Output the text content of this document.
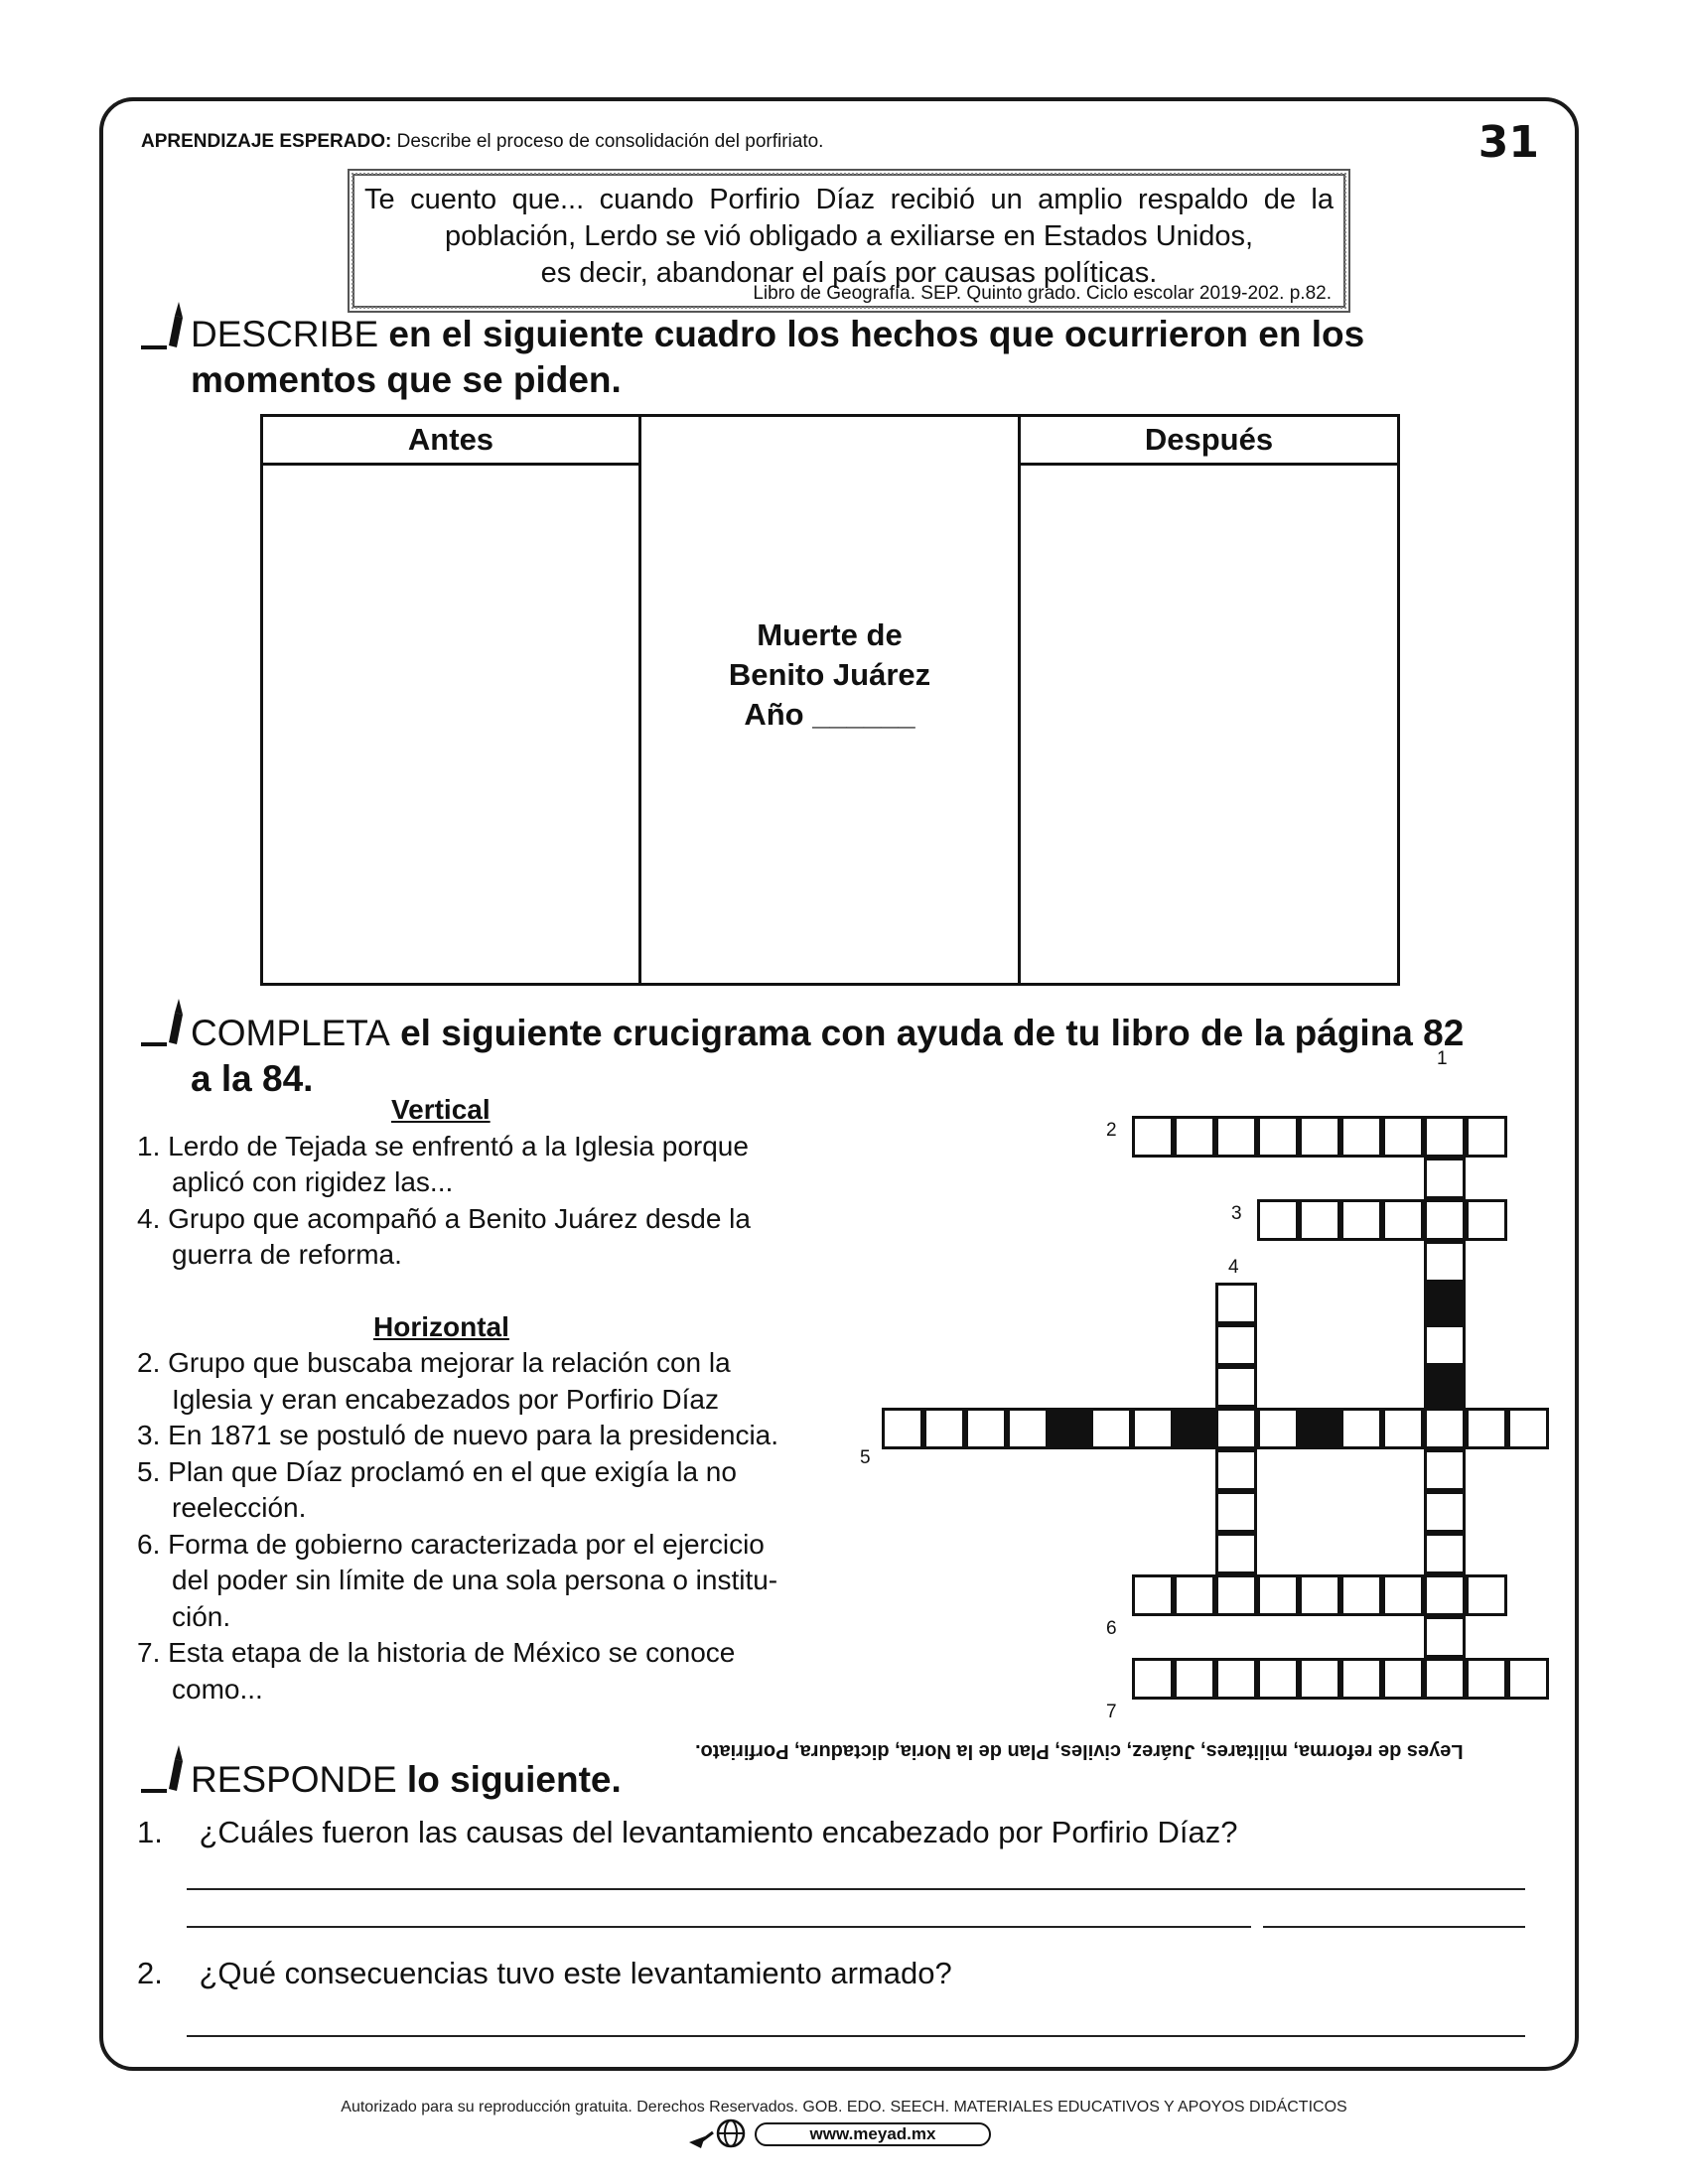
APRENDIZAJE ESPERADO: Describe el proceso de consolidación del porfiriato.	31
Te cuento que... cuando Porfirio Díaz recibió un amplio respaldo de la
población, Lerdo se vió obligado a exiliarse en Estados Unidos,
es decir, abandonar el país por causas políticas.
Libro de Geografía. SEP. Quinto grado. Ciclo escolar 2019-202. p.82.
DESCRIBE en el siguiente cuadro los hechos que ocurrieron en los
momentos que se piden.
Antes
Muerte de
Benito Juárez
Año ______
Después
COMPLETA el siguiente crucigrama con ayuda de tu libro de la página 82
a la 84.
Vertical
1. Lerdo de Tejada se enfrentó a la Iglesia porque
aplicó con rigidez las...
4. Grupo que acompañó a Benito Juárez desde la
guerra de reforma.
Horizontal
2. Grupo que buscaba mejorar la relación con la
Iglesia y eran encabezados por Porfirio Díaz
3. En 1871 se postuló de nuevo para la presidencia.
5. Plan que Díaz proclamó en el que exigía la no
reelección.
6. Forma de gobierno caracterizada por el ejercicio
del poder sin límite de una sola persona o institu-
ción.
7. Esta etapa de la historia de México se conoce
como...
1
2
3
4
5
6
7
Leyes de reforma, militares, Juárez, civiles, Plan de la Noria, dictadura, Porfiriato.
RESPONDE lo siguiente.
1. ¿Cuáles fueron las causas del levantamiento encabezado por Porfirio Díaz?
2. ¿Qué consecuencias tuvo este levantamiento armado?
Autorizado para su reproducción gratuita. Derechos Reservados. GOB. EDO. SEECH. MATERIALES EDUCATIVOS Y APOYOS DIDÁCTICOS
www.meyad.mx
